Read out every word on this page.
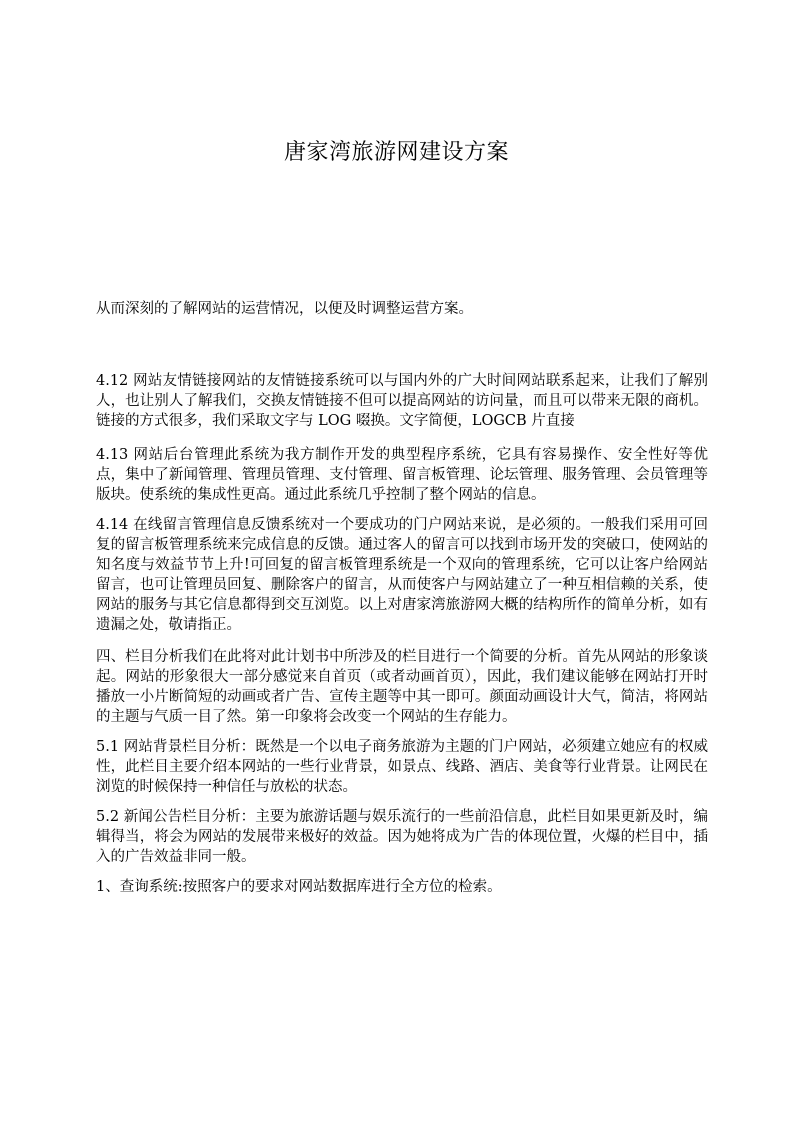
唐家湾旅游网建设方案

从而深刻的了解网站的运营情况，以便及时调整运营方案。

4.12 网站友情链接网站的友情链接系统可以与国内外的广大时间网站联系起来，让我们了解别人，也让别人了解我们，交换友情链接不但可以提高网站的访问量，而且可以带来无限的商机。链接的方式很多，我们采取文字与 LOG 啜换。文字简便，LOGCB 片直接

4.13 网站后台管理此系统为我方制作开发的典型程序系统，它具有容易操作、安全性好等优点，集中了新闻管理、管理员管理、支付管理、留言板管理、论坛管理、服务管理、会员管理等版块。使系统的集成性更高。通过此系统几乎控制了整个网站的信息。

4.14 在线留言管理信息反馈系统对一个要成功的门户网站来说，是必须的。一般我们采用可回复的留言板管理系统来完成信息的反馈。通过客人的留言可以找到市场开发的突破口，使网站的知名度与效益节节上升!可回复的留言板管理系统是一个双向的管理系统，它可以让客户给网站留言，也可让管理员回复、删除客户的留言，从而使客户与网站建立了一种互相信赖的关系，使网站的服务与其它信息都得到交互浏览。以上对唐家湾旅游网大概的结构所作的简单分析，如有遗漏之处，敬请指正。

四、栏目分析我们在此将对此计划书中所涉及的栏目进行一个简要的分析。首先从网站的形象谈起。网站的形象很大一部分感觉来自首页（或者动画首页），因此，我们建议能够在网站打开时播放一小片断简短的动画或者广告、宣传主题等中其一即可。颜面动画设计大气，简洁，将网站的主题与气质一目了然。第一印象将会改变一个网站的生存能力。

5.1 网站背景栏目分析：既然是一个以电子商务旅游为主题的门户网站，必须建立她应有的权威性，此栏目主要介绍本网站的一些行业背景，如景点、线路、酒店、美食等行业背景。让网民在浏览的时候保持一种信任与放松的状态。

5.2 新闻公告栏目分析：主要为旅游话题与娱乐流行的一些前沿信息，此栏目如果更新及时，编辑得当，将会为网站的发展带来极好的效益。因为她将成为广告的体现位置，火爆的栏目中，插入的广告效益非同一般。

1、查询系统:按照客户的要求对网站数据库进行全方位的检索。
